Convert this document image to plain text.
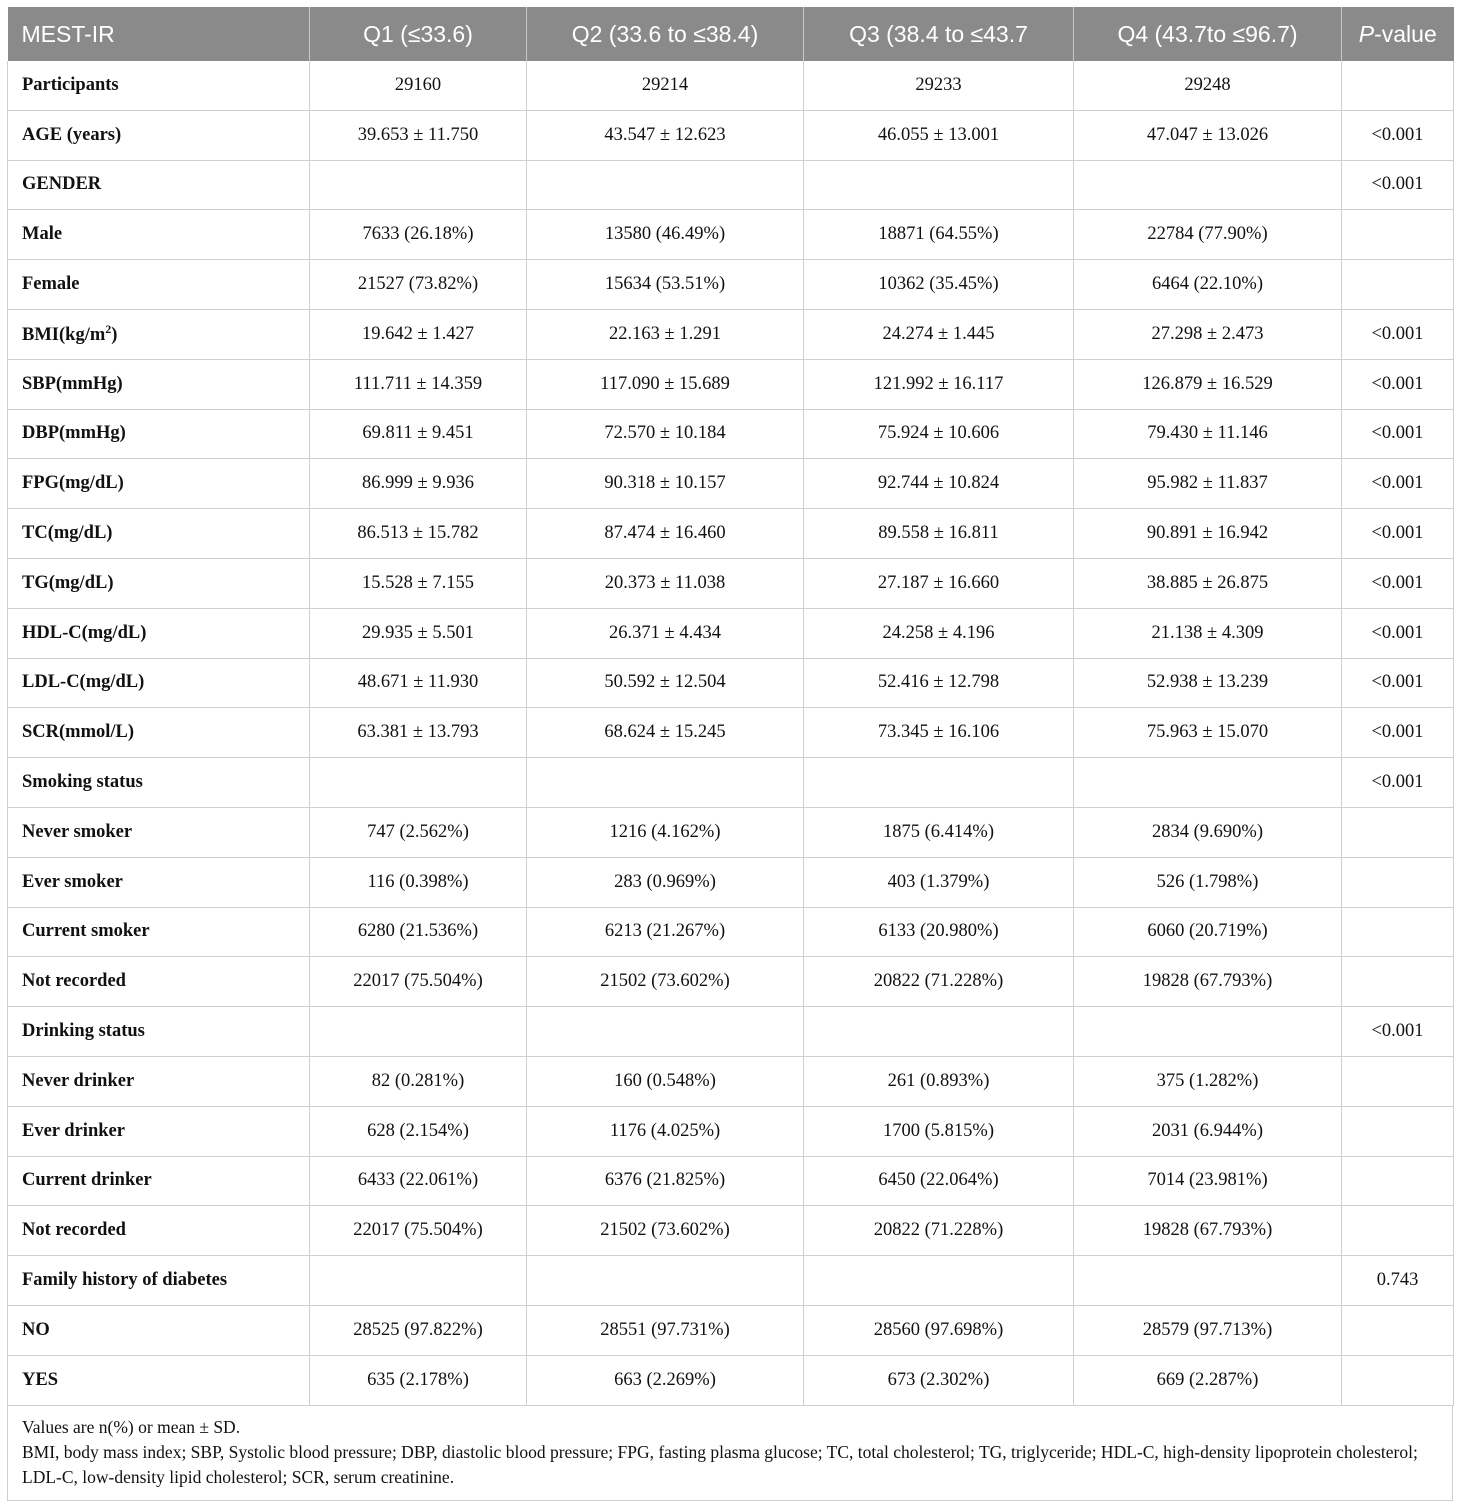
MEST-IR	Q1 (≤33.6)	Q2 (33.6 to ≤38.4)	Q3 (38.4 to ≤43.7	Q4 (43.7to ≤96.7)	P-value
Participants	29160	29214	29233	29248	
AGE (years)	39.653 ± 11.750	43.547 ± 12.623	46.055 ± 13.001	47.047 ± 13.026	<0.001
GENDER					<0.001
Male	7633 (26.18%)	13580 (46.49%)	18871 (64.55%)	22784 (77.90%)	
Female	21527 (73.82%)	15634 (53.51%)	10362 (35.45%)	6464 (22.10%)	
$BMI(kg/m^2)$	19.642 ± 1.427	22.163 ± 1.291	24.274 ± 1.445	27.298 ± 2.473	<0.001
SBP(mmHg)	111.711 ± 14.359	117.090 ± 15.689	121.992 ± 16.117	126.879 ± 16.529	<0.001
DBP(mmHg)	69.811 ± 9.451	72.570 ± 10.184	75.924 ± 10.606	79.430 ± 11.146	<0.001
FPG(mg/dL)	86.999 ± 9.936	90.318 ± 10.157	92.744 ± 10.824	95.982 ± 11.837	<0.001
TC(mg/dL)	86.513 ± 15.782	87.474 ± 16.460	89.558 ± 16.811	90.891 ± 16.942	<0.001
TG(mg/dL)	15.528 ± 7.155	20.373 ± 11.038	27.187 ± 16.660	38.885 ± 26.875	<0.001
HDL-C(mg/dL)	29.935 ± 5.501	26.371 ± 4.434	24.258 ± 4.196	21.138 ± 4.309	<0.001
LDL-C(mg/dL)	48.671 ± 11.930	50.592 ± 12.504	52.416 ± 12.798	52.938 ± 13.239	<0.001
SCR(mmol/L)	63.381 ± 13.793	68.624 ± 15.245	73.345 ± 16.106	75.963 ± 15.070	<0.001
Smoking status					<0.001
Never smoker	747 (2.562%)	1216 (4.162%)	1875 (6.414%)	2834 (9.690%)	
Ever smoker	116 (0.398%)	283 (0.969%)	403 (1.379%)	526 (1.798%)	
Current smoker	6280 (21.536%)	6213 (21.267%)	6133 (20.980%)	6060 (20.719%)	
Not recorded	22017 (75.504%)	21502 (73.602%)	20822 (71.228%)	19828 (67.793%)	
Drinking status					<0.001
Never drinker	82 (0.281%)	160 (0.548%)	261 (0.893%)	375 (1.282%)	
Ever drinker	628 (2.154%)	1176 (4.025%)	1700 (5.815%)	2031 (6.944%)	
Current drinker	6433 (22.061%)	6376 (21.825%)	6450 (22.064%)	7014 (23.981%)	
Not recorded	22017 (75.504%)	21502 (73.602%)	20822 (71.228%)	19828 (67.793%)	
Family history of diabetes					0.743
NO	28525 (97.822%)	28551 (97.731%)	28560 (97.698%)	28579 (97.713%)	
YES	635 (2.178%)	663 (2.269%)	673 (2.302%)	669 (2.287%)	

Values are n(%) or mean ± SD.

BMI, body mass index; SBP, Systolic blood pressure; DBP, diastolic blood pressure; FPG, fasting plasma glucose; TC, total cholesterol; TG, triglyceride; HDL-C, high-density lipoprotein cholesterol; LDL-C, low-density lipid cholesterol; SCR, serum creatinine.
